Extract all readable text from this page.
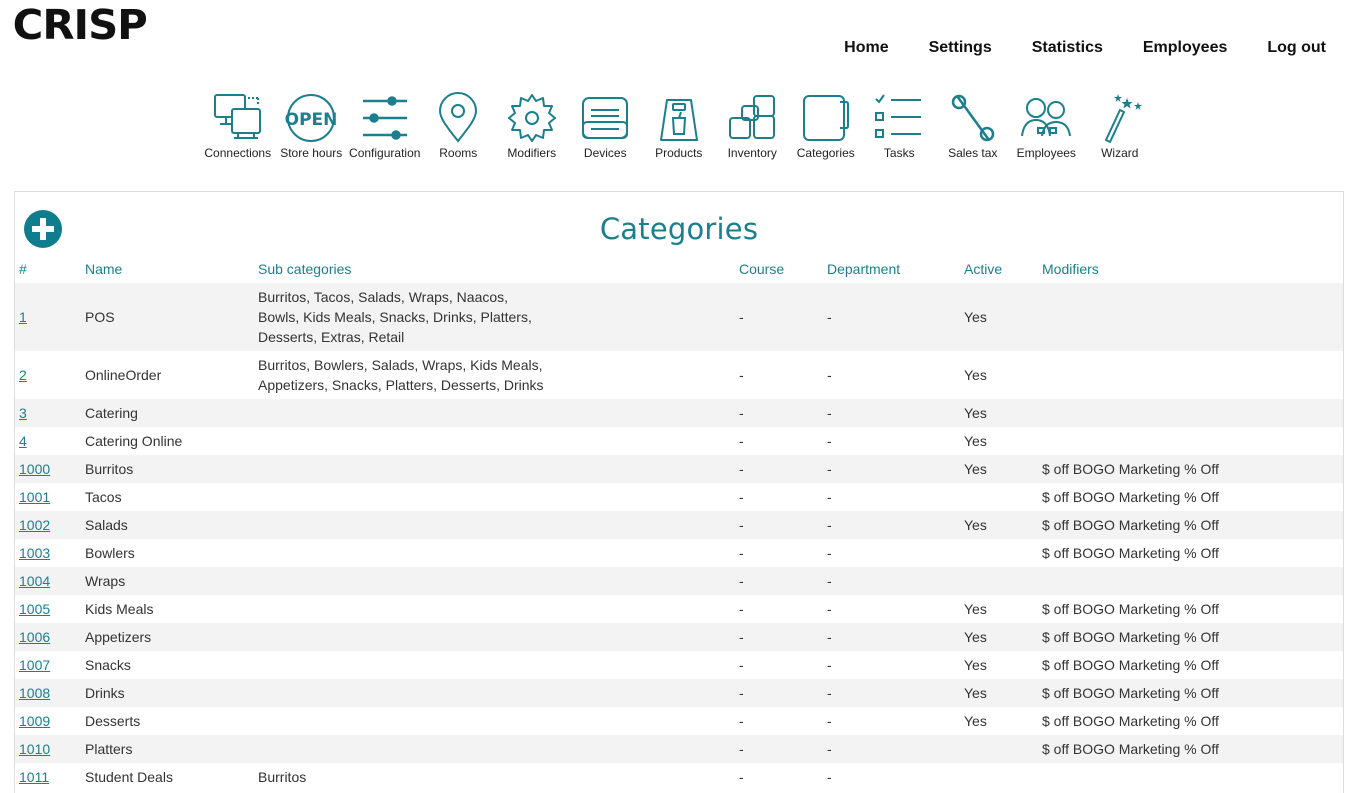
CRISP	Home	Settings	Statistics	Employees	Log out
Connections
OPEN
Store hours Configuration Rooms	Modifiers Devices Products Inventory Categories Tasks	Sales tax Employees Wizard
Categories
#	Name	Sub categories	Course	Department	Active	Modifiers
1	POS	Burritos, Tacos, Salads, Wraps, Naacos, Bowls, Kids Meals, Snacks, Drinks, Platters, Desserts, Extras, Retail	-	-	Yes	
2	OnlineOrder	Burritos, Bowlers, Salads, Wraps, Kids Meals, Appetizers, Snacks, Platters, Desserts, Drinks	-	-	Yes	
3	Catering		-	-	Yes	
4	Catering Online		-	-	Yes	
1000	Burritos		-	-	Yes	$ off BOGO Marketing % Off
1001	Tacos		-	-		$ off BOGO Marketing % Off
1002	Salads		-	-	Yes	$ off BOGO Marketing % Off
1003	Bowlers		-	-		$ off BOGO Marketing % Off
1004	Wraps		-	-		
1005	Kids Meals		-	-	Yes	$ off BOGO Marketing % Off
1006	Appetizers		-	-	Yes	$ off BOGO Marketing % Off
1007	Snacks		-	-	Yes	$ off BOGO Marketing % Off
1008	Drinks		-	-	Yes	$ off BOGO Marketing % Off
1009	Desserts		-	-	Yes	$ off BOGO Marketing % Off
1010	Platters		-	-		$ off BOGO Marketing % Off
1011	Student Deals	Burritos	-	-		
